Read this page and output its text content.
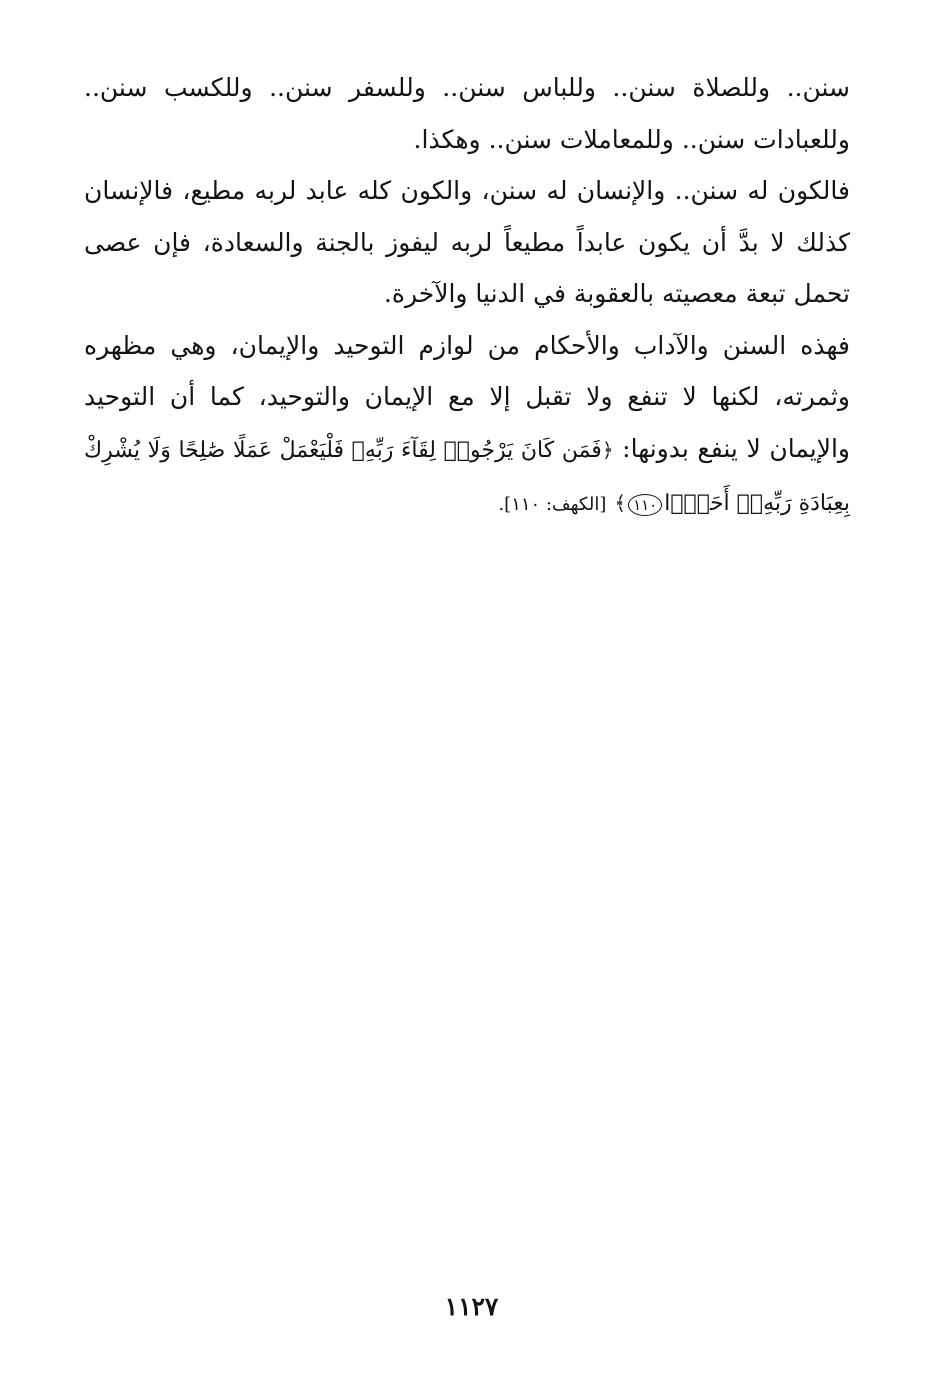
سنن.. وللصلاة سنن.. وللباس سنن.. وللسفر سنن.. وللكسب سنن.. وللعبادات سنن.. وللمعاملات سنن.. وهكذا.

فالكون له سنن.. والإنسان له سنن، والكون كله عابد لربه مطيع، فالإنسان كذلك لا بدَّ أن يكون عابداً مطيعاً لربه ليفوز بالجنة والسعادة، فإن عصى تحمل تبعة معصيته بالعقوبة في الدنيا والآخرة.

فهذه السنن والآداب والأحكام من لوازم التوحيد والإيمان، وهي مظهره وثمرته، لكنها لا تنفع ولا تقبل إلا مع الإيمان والتوحيد، كما أن التوحيد والإيمان لا ينفع بدونها: ﴿فَمَن كَانَ يَرْجُوا۟ لِقَآءَ رَبِّهِۦ فَلْيَعْمَلْ عَمَلًا صَٰلِحًا وَلَا يُشْرِكْ بِعِبَادَةِ رَبِّهِۦٓ أَحَدًۢا١١٠﴾ [الكهف: ١١٠].

١١٢٧
